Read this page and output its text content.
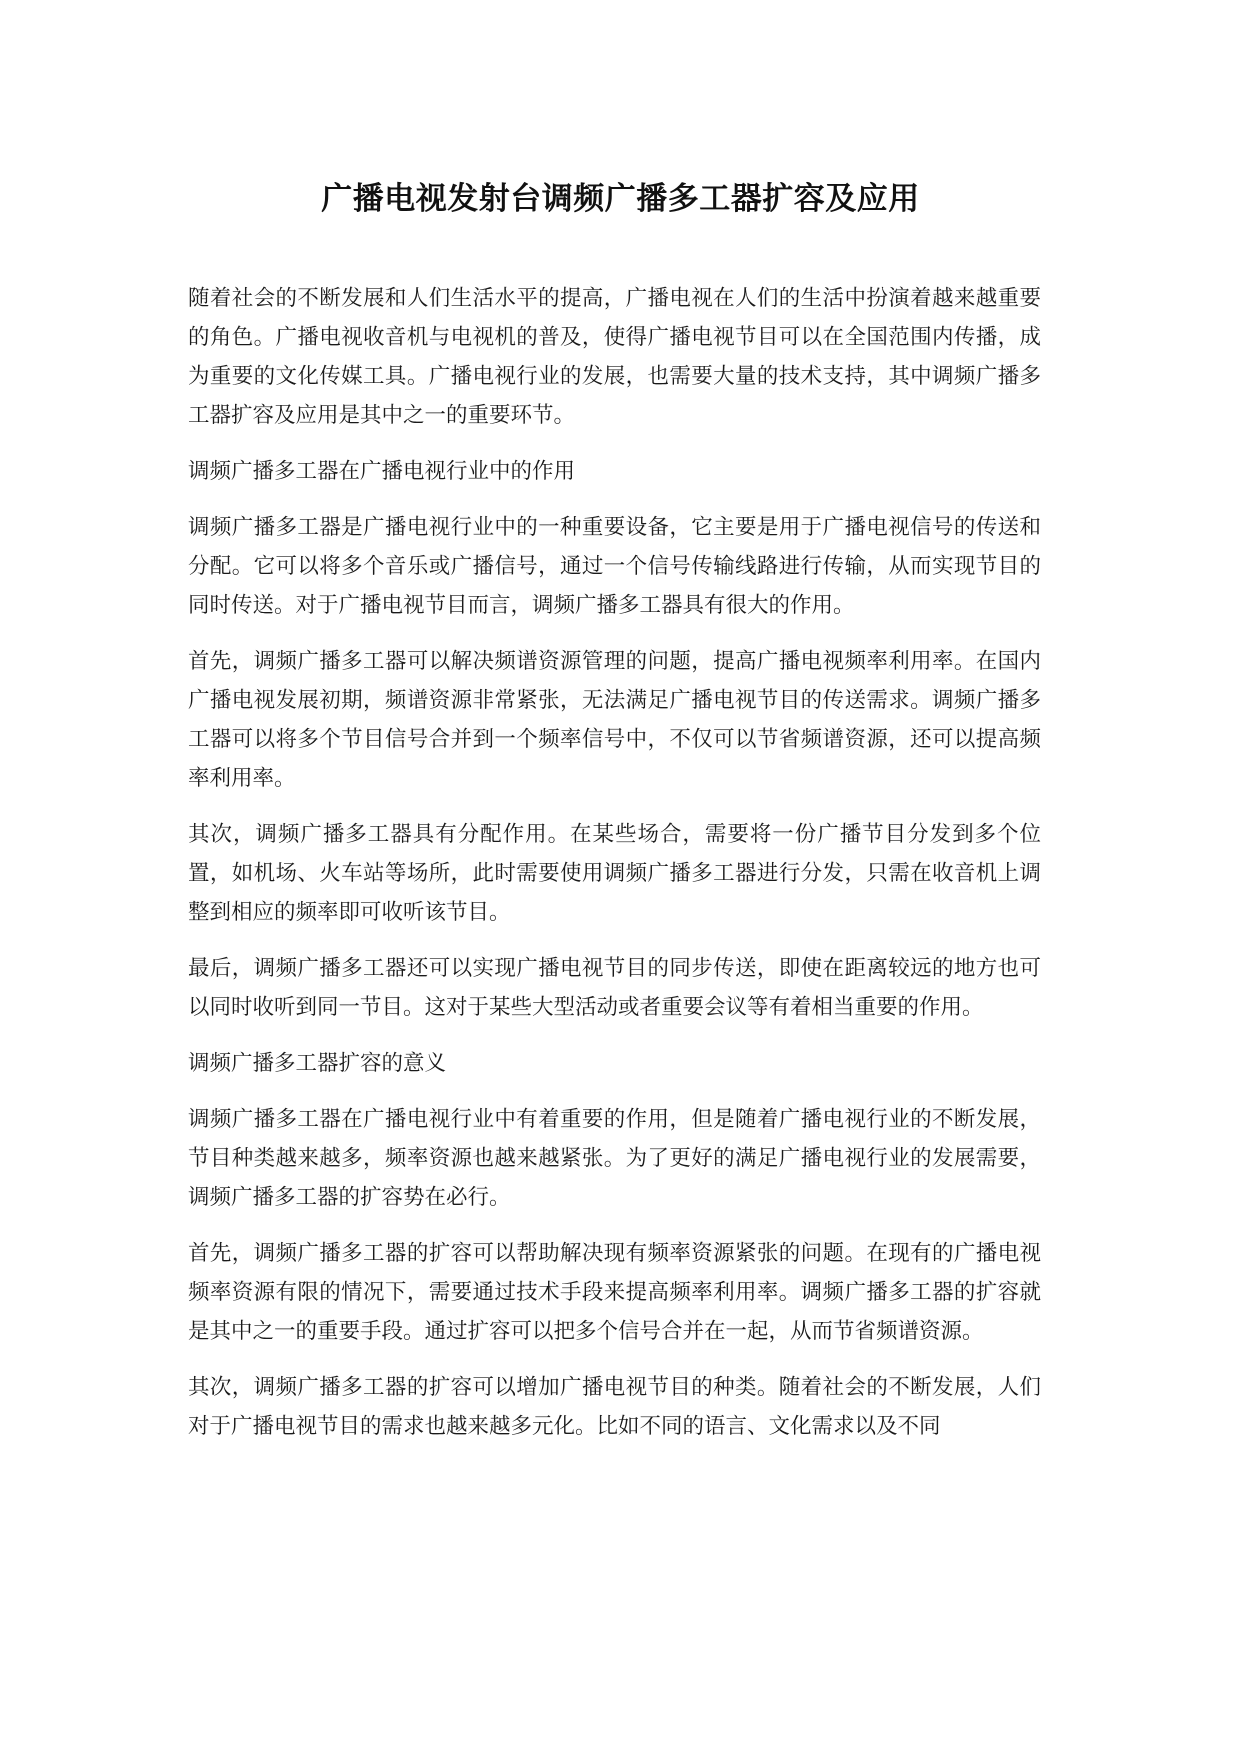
广播电视发射台调频广播多工器扩容及应用

随着社会的不断发展和人们生活水平的提高，广播电视在人们的生活中扮演着越来越重要的角色。广播电视收音机与电视机的普及，使得广播电视节目可以在全国范围内传播，成为重要的文化传媒工具。广播电视行业的发展，也需要大量的技术支持，其中调频广播多工器扩容及应用是其中之一的重要环节。

调频广播多工器在广播电视行业中的作用

调频广播多工器是广播电视行业中的一种重要设备，它主要是用于广播电视信号的传送和分配。它可以将多个音乐或广播信号，通过一个信号传输线路进行传输，从而实现节目的同时传送。对于广播电视节目而言，调频广播多工器具有很大的作用。

首先，调频广播多工器可以解决频谱资源管理的问题，提高广播电视频率利用率。在国内广播电视发展初期，频谱资源非常紧张，无法满足广播电视节目的传送需求。调频广播多工器可以将多个节目信号合并到一个频率信号中，不仅可以节省频谱资源，还可以提高频率利用率。

其次，调频广播多工器具有分配作用。在某些场合，需要将一份广播节目分发到多个位置，如机场、火车站等场所，此时需要使用调频广播多工器进行分发，只需在收音机上调整到相应的频率即可收听该节目。

最后，调频广播多工器还可以实现广播电视节目的同步传送，即使在距离较远的地方也可以同时收听到同一节目。这对于某些大型活动或者重要会议等有着相当重要的作用。

调频广播多工器扩容的意义

调频广播多工器在广播电视行业中有着重要的作用，但是随着广播电视行业的不断发展，节目种类越来越多，频率资源也越来越紧张。为了更好的满足广播电视行业的发展需要，调频广播多工器的扩容势在必行。

首先，调频广播多工器的扩容可以帮助解决现有频率资源紧张的问题。在现有的广播电视频率资源有限的情况下，需要通过技术手段来提高频率利用率。调频广播多工器的扩容就是其中之一的重要手段。通过扩容可以把多个信号合并在一起，从而节省频谱资源。

其次，调频广播多工器的扩容可以增加广播电视节目的种类。随着社会的不断发展，人们对于广播电视节目的需求也越来越多元化。比如不同的语言、文化需求以及不同
